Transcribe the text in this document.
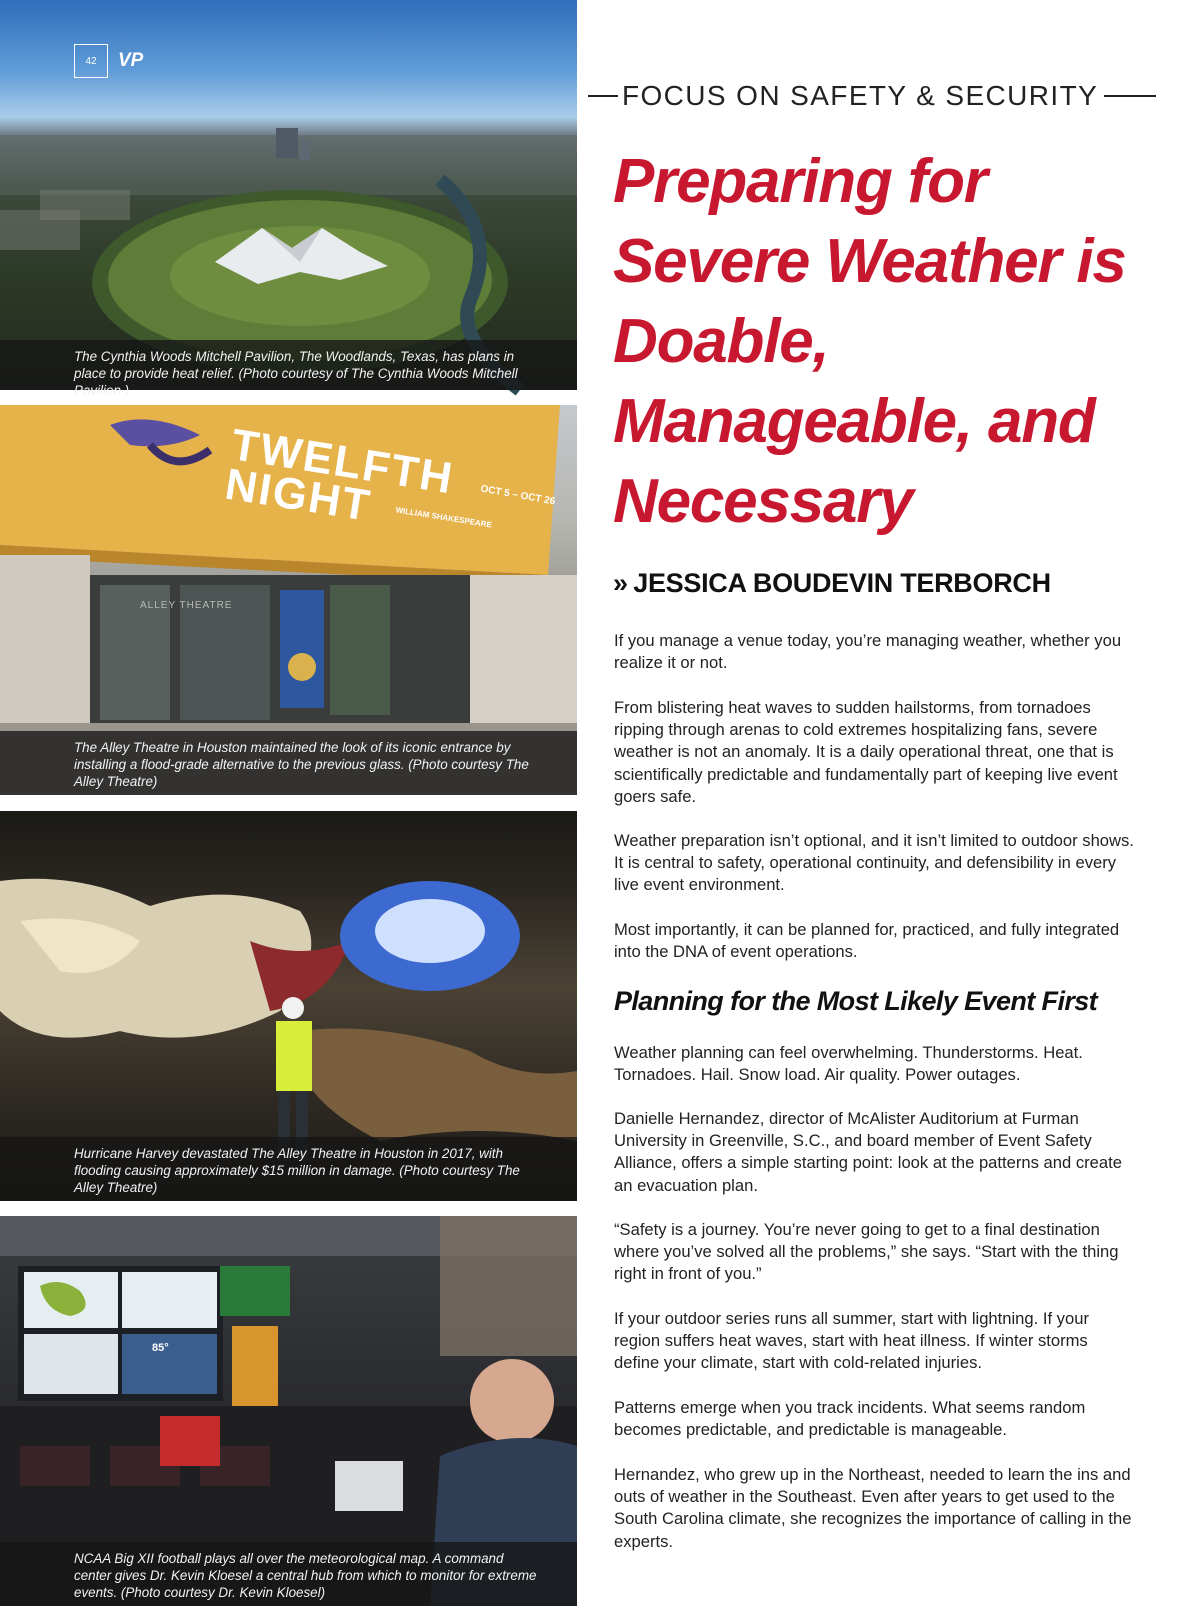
42	VP
The Cynthia Woods Mitchell Pavilion, The Woodlands, Texas, has plans in place to provide heat relief. (Photo courtesy of The Cynthia Woods Mitchell Pavilion.)
TWELFTH NIGHT	WILLIAM SHAKESPEARE
OCT 5 – OCT 26
ALLEY THEATRE
The Alley Theatre in Houston maintained the look of its iconic entrance by installing a flood-grade alternative to the previous glass. (Photo courtesy The Alley Theatre)
Hurricane Harvey devastated The Alley Theatre in Houston in 2017, with flooding causing approximately $15 million in damage. (Photo courtesy The Alley Theatre)
85°
NCAA Big XII football plays all over the meteorological map. A command center gives Dr. Kevin Kloesel a central hub from which to monitor for extreme events. (Photo courtesy Dr. Kevin Kloesel)
FOCUS ON SAFETY & SECURITY
Preparing for Severe Weather is Doable, Manageable, and Necessary
» JESSICA BOUDEVIN TERBORCH

If you manage a venue today, you’re managing weather, whether you realize it or not.

From blistering heat waves to sudden hailstorms, from tornadoes ripping through arenas to cold extremes hospitalizing fans, severe weather is not an anomaly. It is a daily operational threat, one that is scientifically predictable and fundamentally part of keeping live event goers safe.

Weather preparation isn’t optional, and it isn’t limited to outdoor shows. It is central to safety, operational continuity, and defensibility in every live event environment.

Most importantly, it can be planned for, practiced, and fully integrated into the DNA of event operations.

Planning for the Most Likely Event First

Weather planning can feel overwhelming. Thunderstorms. Heat. Tornadoes. Hail. Snow load. Air quality. Power outages.

Danielle Hernandez, director of McAlister Auditorium at Furman University in Greenville, S.C., and board member of Event Safety Alliance, offers a simple starting point: look at the patterns and create an evacuation plan.

“Safety is a journey. You’re never going to get to a final destination where you’ve solved all the problems,” she says. “Start with the thing right in front of you.”

If your outdoor series runs all summer, start with lightning. If your region suffers heat waves, start with heat illness. If winter storms define your climate, start with cold-related injuries.

Patterns emerge when you track incidents. What seems random becomes predictable, and predictable is manageable.

Hernandez, who grew up in the Northeast, needed to learn the ins and outs of weather in the Southeast. Even after years to get used to the South Carolina climate, she recognizes the importance of calling in the experts.
